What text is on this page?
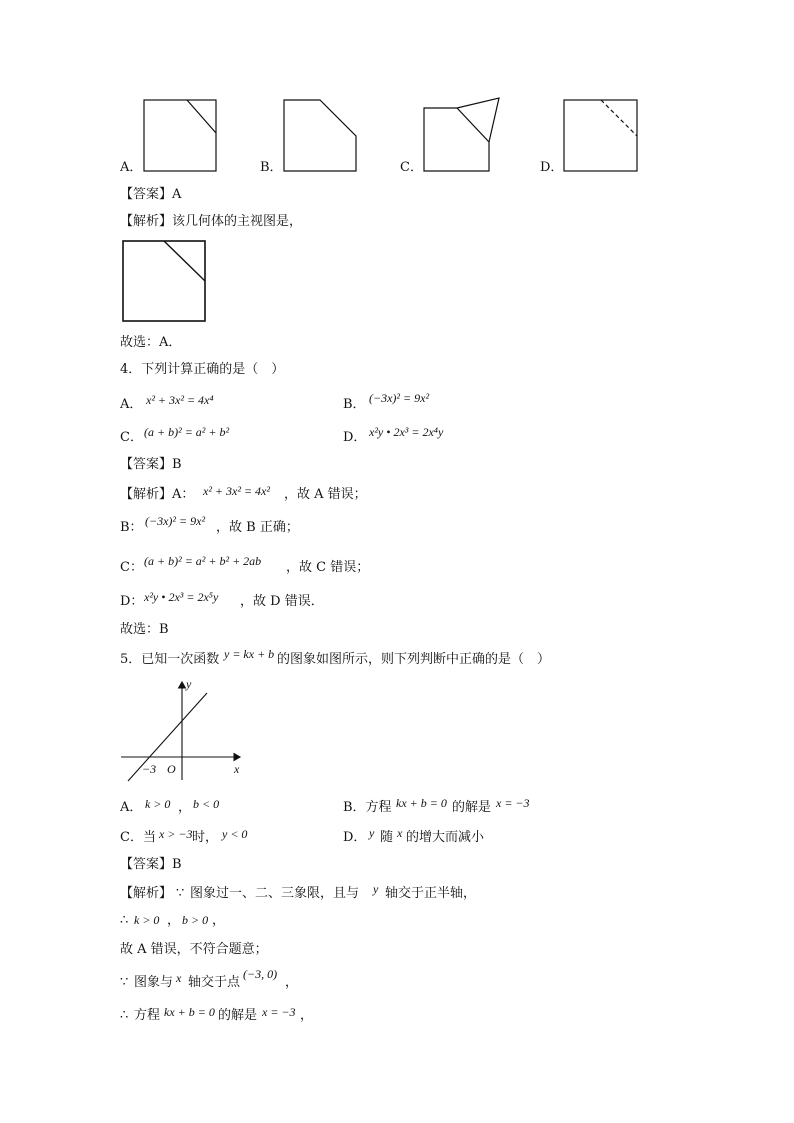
A．	B．	C．	D．
【答案】A
【解析】该几何体的主视图是，
故选：A．
4．下列计算正确的是（　）
A． x² + 3x² = 4x⁴	B． (−3x)² = 9x²
C． (a + b)² = a² + b²	D． x²y • 2x³ = 2x⁴y
【答案】B
【解析】A： x² + 3x² = 4x² ，故 A 错误；
B： (−3x)² = 9x² ，故 B 正确；
C： (a + b)² = a² + b² + 2ab ，故 C 错误；
D： x²y • 2x³ = 2x⁵y ，故 D 错误．
故选：B
5．已知一次函数 y = kx + b 的图象如图所示，则下列判断中正确的是（　）
y
x
O
−3
A． k > 0 ， b < 0	B．方程 kx + b = 0 的解是 x = −3
C．当 x > −3 时， y < 0	D． y 随 x 的增大而减小
【答案】B
【解析】 ∵ 图象过一、二、三象限，且与 y 轴交于正半轴，
∴ k > 0 ， b > 0 ，
故 A 错误，不符合题意；
∵ 图象与 x 轴交于点
(−3, 0)
，
∴ 方程 kx + b = 0 的解是 x = −3 ，
